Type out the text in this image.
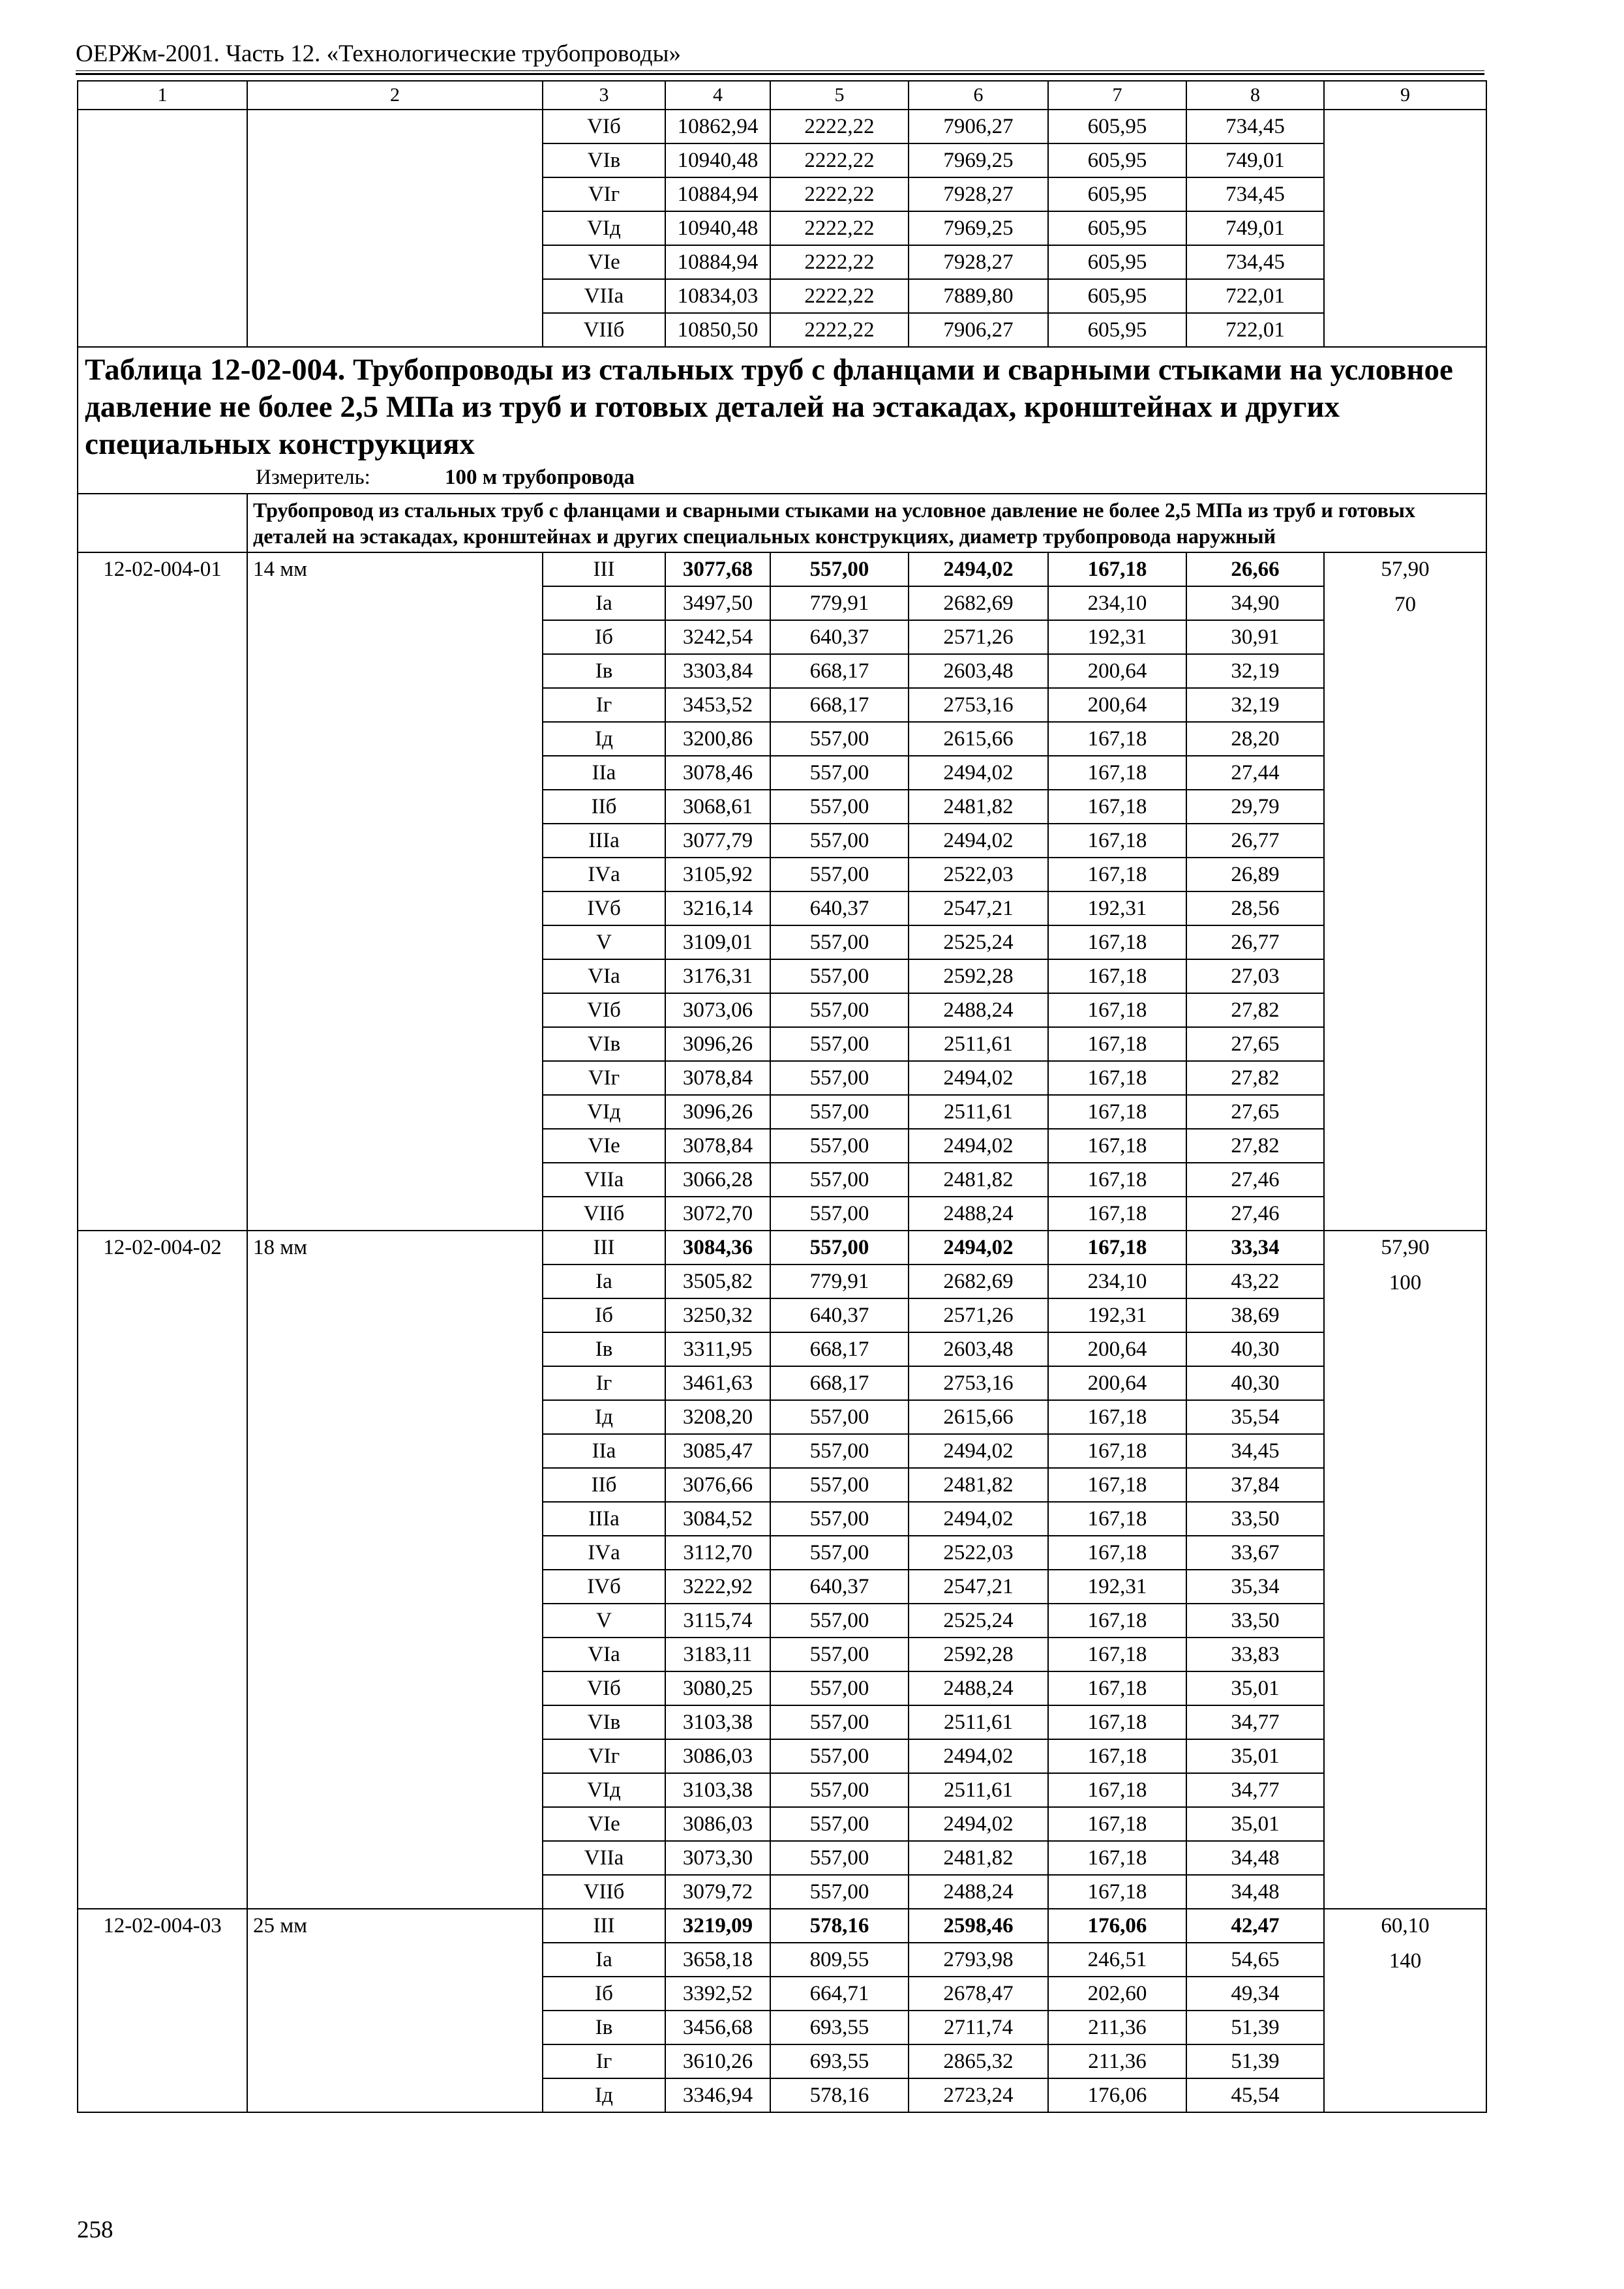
ОЕРЖм-2001. Часть 12. «Технологические трубопроводы»
1	2	3	4	5	6	7	8	9
		VIб	10862,94	2222,22	7906,27	605,95	734,45	
		VIв	10940,48	2222,22	7969,25	605,95	749,01	
		VIг	10884,94	2222,22	7928,27	605,95	734,45	
		VIд	10940,48	2222,22	7969,25	605,95	749,01	
		VIе	10884,94	2222,22	7928,27	605,95	734,45	
		VIIа	10834,03	2222,22	7889,80	605,95	722,01	
		VIIб	10850,50	2222,22	7906,27	605,95	722,01	

Таблица 12-02-004. Трубопроводы из стальных труб с фланцами и сварными стыками на условное давление не более 2,5 МПа из труб и готовых деталей на эстакадах, кронштейнах и других специальных конструкциях
Измеритель: 100 м трубопровода								

	Трубопровод из стальных труб с фланцами и сварными стыками на условное давление не более 2,5 МПа из труб и готовых деталей на эстакадах, кронштейнах и других специальных конструкциях, диаметр трубопровода наружный							
12-02-004-01	14 мм	III	3077,68	557,00	2494,02	167,18	26,66	57,90
70

		Iа	3497,50	779,91	2682,69	234,10	34,90	
		Iб	3242,54	640,37	2571,26	192,31	30,91	
		Iв	3303,84	668,17	2603,48	200,64	32,19	
		Iг	3453,52	668,17	2753,16	200,64	32,19	
		Iд	3200,86	557,00	2615,66	167,18	28,20	
		IIа	3078,46	557,00	2494,02	167,18	27,44	
		IIб	3068,61	557,00	2481,82	167,18	29,79	
		IIIа	3077,79	557,00	2494,02	167,18	26,77	
		IVа	3105,92	557,00	2522,03	167,18	26,89	
		IVб	3216,14	640,37	2547,21	192,31	28,56	
		V	3109,01	557,00	2525,24	167,18	26,77	
		VIа	3176,31	557,00	2592,28	167,18	27,03	
		VIб	3073,06	557,00	2488,24	167,18	27,82	
		VIв	3096,26	557,00	2511,61	167,18	27,65	
		VIг	3078,84	557,00	2494,02	167,18	27,82	
		VIд	3096,26	557,00	2511,61	167,18	27,65	
		VIе	3078,84	557,00	2494,02	167,18	27,82	
		VIIа	3066,28	557,00	2481,82	167,18	27,46	
		VIIб	3072,70	557,00	2488,24	167,18	27,46	
12-02-004-02	18 мм	III	3084,36	557,00	2494,02	167,18	33,34	57,90
100

		Iа	3505,82	779,91	2682,69	234,10	43,22	
		Iб	3250,32	640,37	2571,26	192,31	38,69	
		Iв	3311,95	668,17	2603,48	200,64	40,30	
		Iг	3461,63	668,17	2753,16	200,64	40,30	
		Iд	3208,20	557,00	2615,66	167,18	35,54	
		IIа	3085,47	557,00	2494,02	167,18	34,45	
		IIб	3076,66	557,00	2481,82	167,18	37,84	
		IIIа	3084,52	557,00	2494,02	167,18	33,50	
		IVа	3112,70	557,00	2522,03	167,18	33,67	
		IVб	3222,92	640,37	2547,21	192,31	35,34	
		V	3115,74	557,00	2525,24	167,18	33,50	
		VIа	3183,11	557,00	2592,28	167,18	33,83	
		VIб	3080,25	557,00	2488,24	167,18	35,01	
		VIв	3103,38	557,00	2511,61	167,18	34,77	
		VIг	3086,03	557,00	2494,02	167,18	35,01	
		VIд	3103,38	557,00	2511,61	167,18	34,77	
		VIе	3086,03	557,00	2494,02	167,18	35,01	
		VIIа	3073,30	557,00	2481,82	167,18	34,48	
		VIIб	3079,72	557,00	2488,24	167,18	34,48	
12-02-004-03	25 мм	III	3219,09	578,16	2598,46	176,06	42,47	60,10
140

		Iа	3658,18	809,55	2793,98	246,51	54,65	
		Iб	3392,52	664,71	2678,47	202,60	49,34	
		Iв	3456,68	693,55	2711,74	211,36	51,39	
		Iг	3610,26	693,55	2865,32	211,36	51,39	
		Iд	3346,94	578,16	2723,24	176,06	45,54	
258
